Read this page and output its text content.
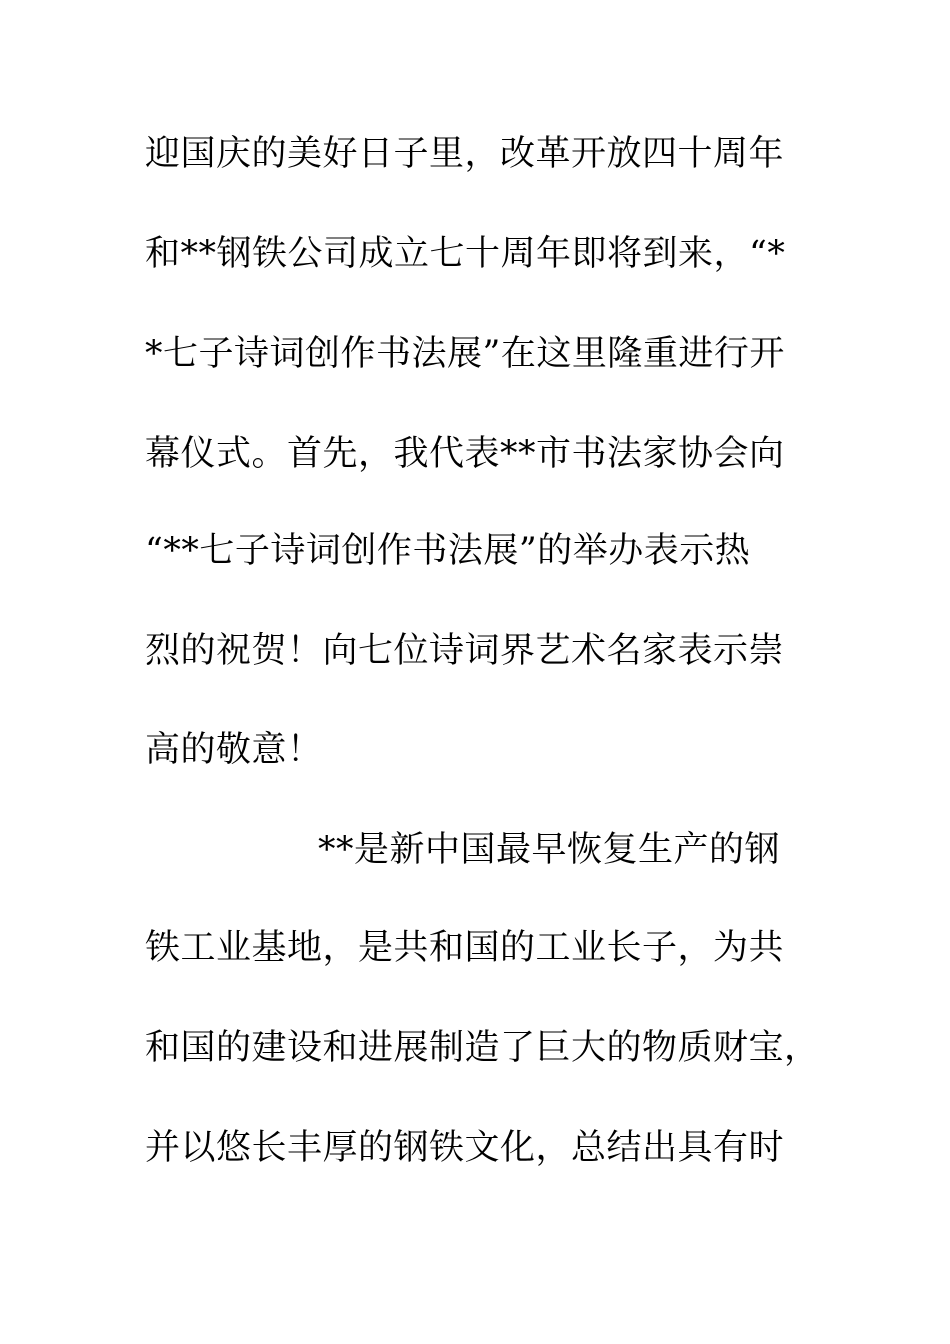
迎国庆的美好日子里，改革开放四十周年
和**钢铁公司成立七十周年即将到来，“*
*七子诗词创作书法展”在这里隆重进行开
幕仪式。首先，我代表**市书法家协会向
“**七子诗词创作书法展”的举办表示热
烈的祝贺！向七位诗词界艺术名家表示崇
高的敬意！
**是新中国最早恢复生产的钢
铁工业基地，是共和国的工业长子，为共
和国的建设和进展制造了巨大的物质财宝，
并以悠长丰厚的钢铁文化，总结出具有时
